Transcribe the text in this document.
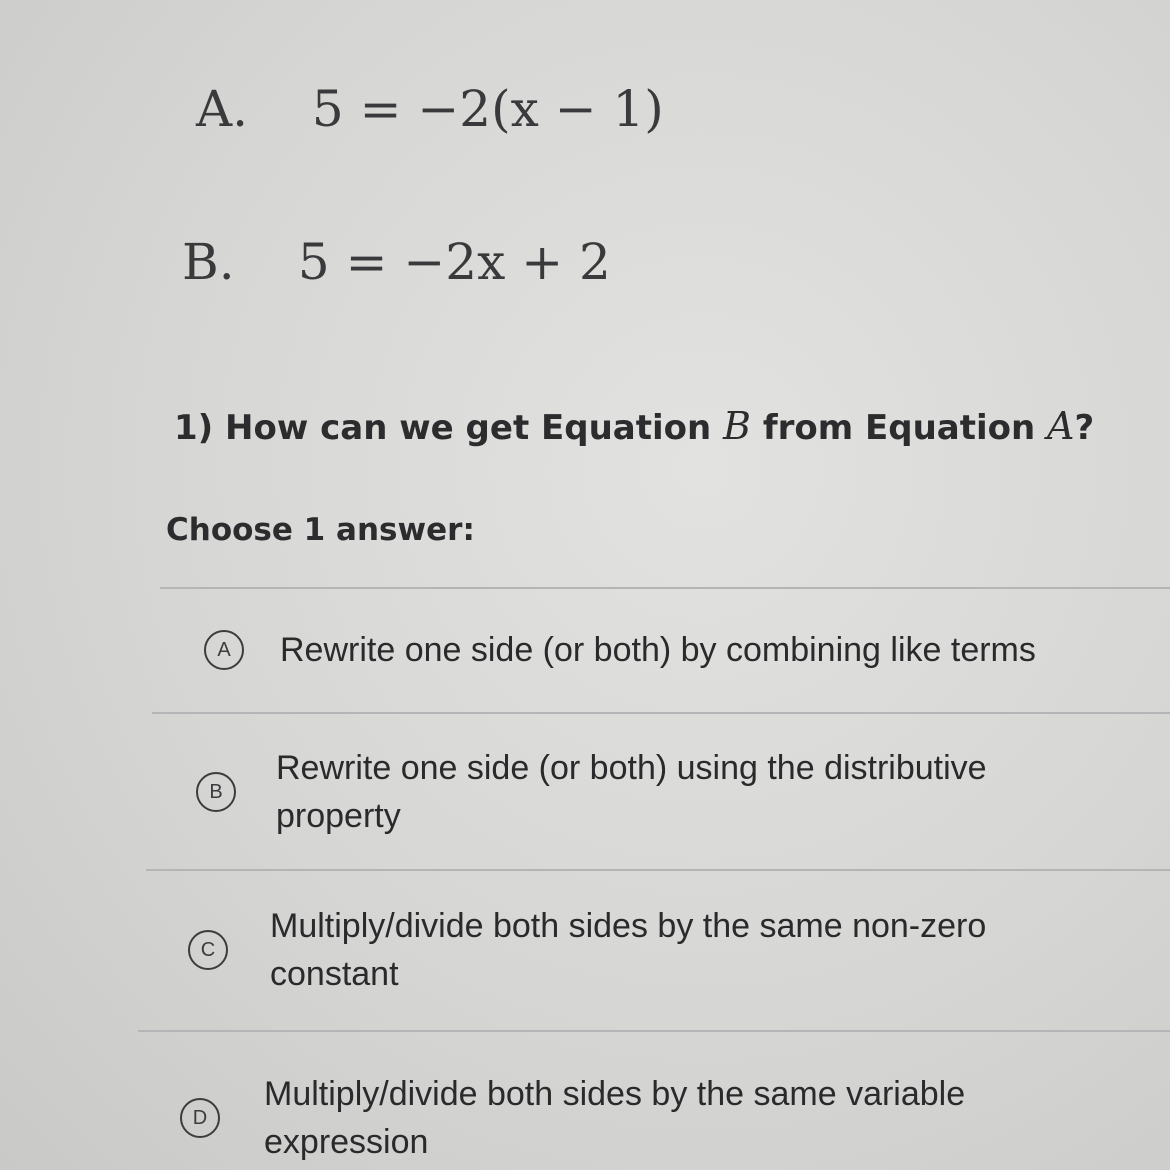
A. 5 = −2(x − 1)
B. 5 = −2x + 2
1) How can we get Equation B from Equation A?
Choose 1 answer:
A	Rewrite one side (or both) by combining like terms
B
Rewrite one side (or both) using the distributive property
C
Multiply/divide both sides by the same non-zero constant
D
Multiply/divide both sides by the same variable expression
